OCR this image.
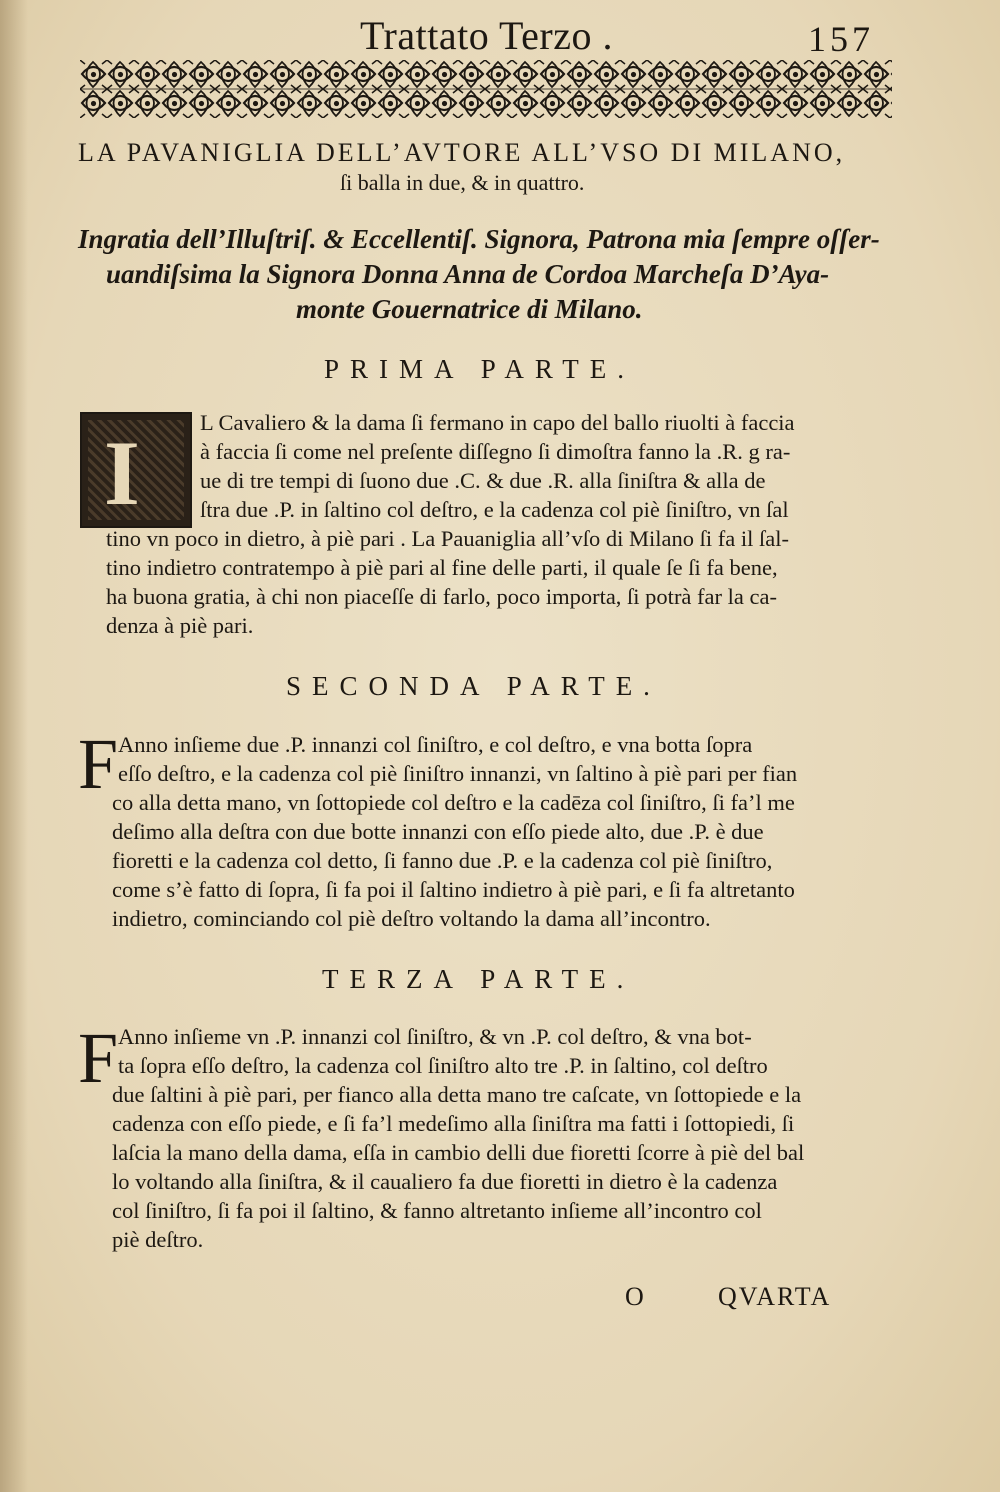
Trattato Terzo .	157
LA PAVANIGLIA DELL’AVTORE ALL’VSO DI MILANO,
ſi balla in due, & in quattro.
Ingratia dell’Illuſtriſ. & Eccellentiſ. Signora, Patrona mia ſempre oſſer-
uandiſsima la Signora Donna Anna de Cordoa Marcheſa D’Aya-
monte Gouernatrice di Milano.
PRIMA PARTE.
I	L Cavaliero & la dama ſi fermano in capo del ballo riuolti à faccia
à faccia ſi come nel preſente diſſegno ſi dimoſtra fanno la .R. g ra-
ue di tre tempi di ſuono due .C. & due .R. alla ſiniſtra & alla de
ſtra due .P. in ſaltino col deſtro, e la cadenza col piè ſiniſtro, vn ſal
tino vn poco in dietro, à piè pari . La Pauaniglia all’vſo di Milano ſi fa il ſal-
tino indietro contratempo à piè pari al fine delle parti, il quale ſe ſi fa bene,
ha buona gratia, à chi non piaceſſe di farlo, poco importa, ſi potrà far la ca-
denza à piè pari.
SECONDA PARTE.
F Anno inſieme due .P. innanzi col ſiniſtro, e col deſtro, e vna botta ſopra
eſſo deſtro, e la cadenza col piè ſiniſtro innanzi, vn ſaltino à piè pari per fian
co alla detta mano, vn ſottopiede col deſtro e la cadēza col ſiniſtro, ſi fa’l me
deſimo alla deſtra con due botte innanzi con eſſo piede alto, due .P. è due
fioretti e la cadenza col detto, ſi fanno due .P. e la cadenza col piè ſiniſtro,
come s’è fatto di ſopra, ſi fa poi il ſaltino indietro à piè pari, e ſi fa altretanto
indietro, cominciando col piè deſtro voltando la dama all’incontro.
TERZA PARTE.
F Anno inſieme vn .P. innanzi col ſiniſtro, & vn .P. col deſtro, & vna bot-
ta ſopra eſſo deſtro, la cadenza col ſiniſtro alto tre .P. in ſaltino, col deſtro
due ſaltini à piè pari, per fianco alla detta mano tre caſcate, vn ſottopiede e la
cadenza con eſſo piede, e ſi fa’l medeſimo alla ſiniſtra ma fatti i ſottopiedi, ſi
laſcia la mano della dama, eſſa in cambio delli due fioretti ſcorre à piè del bal
lo voltando alla ſiniſtra, & il caualiero fa due fioretti in dietro è la cadenza
col ſiniſtro, ſi fa poi il ſaltino, & fanno altretanto inſieme all’incontro col
piè deſtro.
O	QVARTA
